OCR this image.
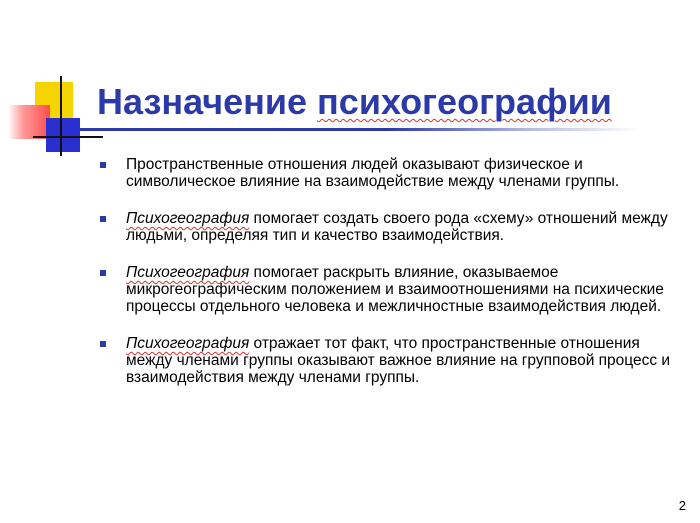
Назначение психогеографии
Пространственные отношения людей оказывают физическое и символическое влияние на взаимодействие между членами группы.
Психогеография помогает создать своего рода «схему» отношений между людьми, определяя тип и качество взаимодействия.
Психогеография помогает раскрыть влияние, оказываемое микрогеографическим положением и взаимоотношениями на психические процессы отдельного человека и межличностные взаимодействия людей.
Психогеография отражает тот факт, что пространственные отношения между членами группы оказывают важное влияние на групповой процесс и взаимодействия между членами группы.
2
